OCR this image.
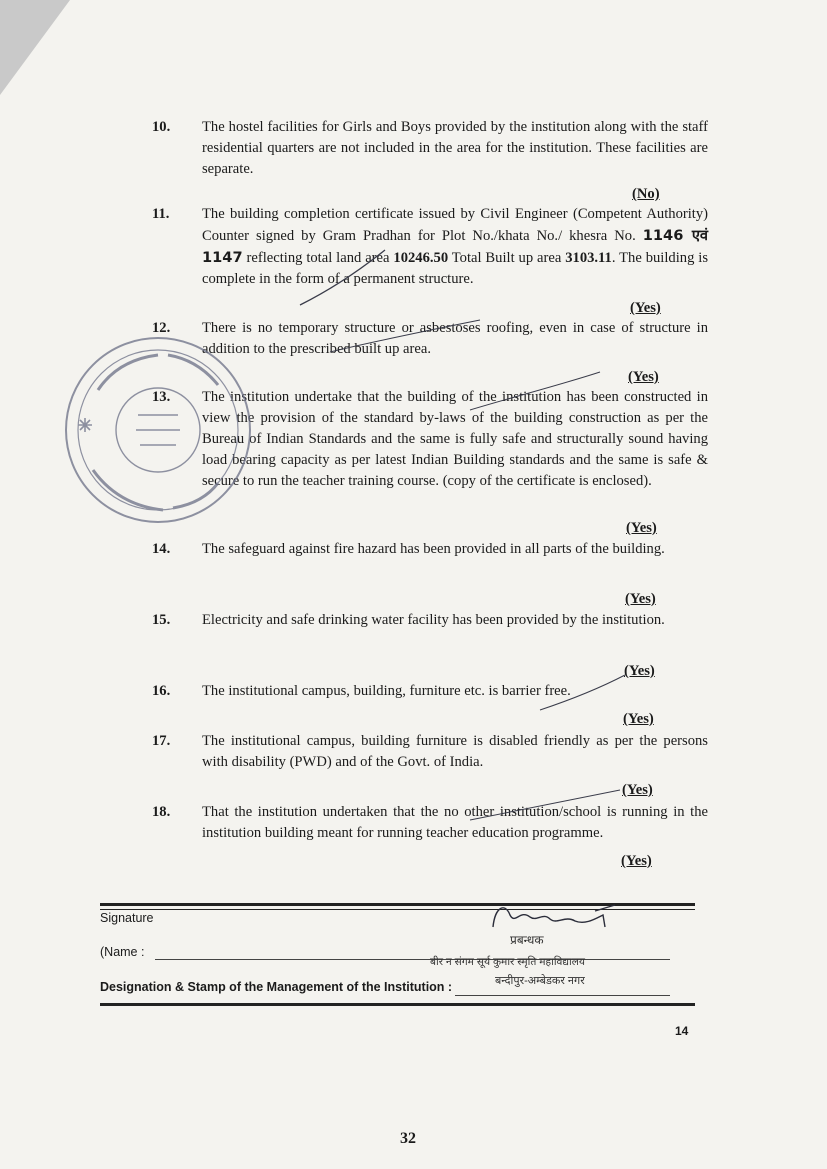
10. The hostel facilities for Girls and Boys provided by the institution along with the staff residential quarters are not included in the area for the institution. These facilities are separate.
(No)
11. The building completion certificate issued by Civil Engineer (Competent Authority) Counter signed by Gram Pradhan for Plot No./khata No./ khesra No. 1146 एवं 1147 reflecting total land area 10246.50 Total Built up area 3103.11. The building is complete in the form of a permanent structure.
(Yes)
12. There is no temporary structure or asbestoses roofing, even in case of structure in addition to the prescribed built up area.
(Yes)
13. The institution undertake that the building of the institution has been constructed in view the provision of the standard by-laws of the building construction as per the Bureau of Indian Standards and the same is fully safe and structurally sound having load bearing capacity as per latest Indian Building standards and the same is safe & secure to run the teacher training course. (copy of the certificate is enclosed).
(Yes)
14. The safeguard against fire hazard has been provided in all parts of the building.
(Yes)
15. Electricity and safe drinking water facility has been provided by the institution.
(Yes)
16. The institutional campus, building, furniture etc. is barrier free.
(Yes)
17. The institutional campus, building furniture is disabled friendly as per the persons with disability (PWD) and of the Govt. of India.
(Yes)
18. That the institution undertaken that the no other institution/school is running in the institution building meant for running teacher education programme.
(Yes)
Signature
(Name :
Designation & Stamp of the Management of the Institution :
प्रबन्धक
बीर न संगम सूर्य कुमार स्मृति महाविद्यालय
बन्दीपुर-अम्बेडकर नगर
14
32
